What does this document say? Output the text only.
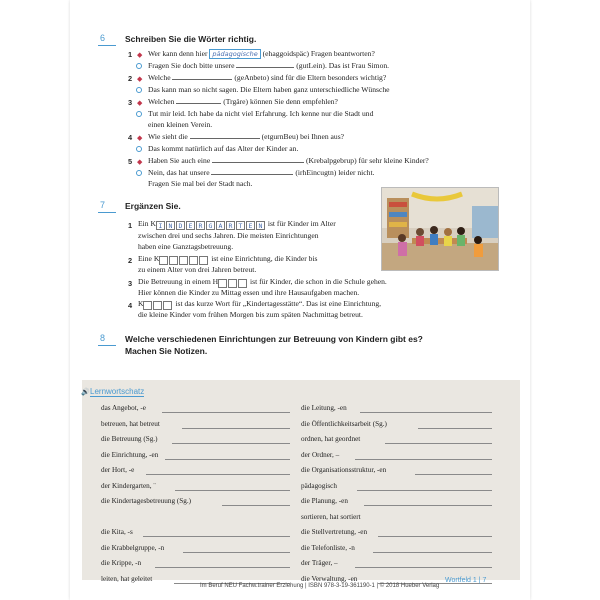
6 Schreiben Sie die Wörter richtig.
1 ◆ Wer kann denn hier pädagogische (ehaggoidspäc) Fragen beantworten?
Fragen Sie doch bitte unsere	(gutLein). Das ist Frau Simon.
2 ◆ Welche	(geAnbeto) sind für die Eltern besonders wichtig?
Das kann man so nicht sagen. Die Eltern haben ganz unterschiedliche Wünsche
3 ◆ Welchen	(Trgäre) können Sie denn empfehlen?
Tut mir leid. Ich habe da nicht viel Erfahrung. Ich kenne nur die Stadt und
einen kleinen Verein.
4 ◆ Wie sieht die	(etgurnBeu) bei Ihnen aus?
Das kommt natürlich auf das Alter der Kinder an.
5 ◆ Haben Sie auch eine	(Krebalpgebrup) für sehr kleine Kinder?
Nein, das hat unsere	(irhEincugtn) leider nicht.
Fragen Sie mal bei der Stadt nach.
7 Ergänzen Sie.
1 Ein K I N D E R G A R T E N ist für Kinder im Alter
zwischen drei und sechs Jahren. Die meisten Einrichtungen
haben eine Ganztagsbetreuung.
2 Eine K	ist eine Einrichtung, die Kinder bis
zu einem Alter von drei Jahren betreut.
3 Die Betreuung in einem H	ist für Kinder, die schon in die Schule gehen.
Hier können die Kinder zu Mittag essen und ihre Hausaufgaben machen.
4 K	ist das kurze Wort für „Kindertagesstätte“. Das ist eine Einrichtung,
die kleine Kinder vom frühen Morgen bis zum späten Nachmittag betreut.
8 Welche verschiedenen Einrichtungen zur Betreuung von Kindern gibt es?
Machen Sie Notizen.
🔊 Lernwortschatz
das Angebot, -e	die Leitung, -en
betreuen, hat betreut	die Öffentlichkeitsarbeit (Sg.)
die Betreuung (Sg.)	ordnen, hat geordnet
die Einrichtung, -en	der Ordner, –
der Hort, -e	die Organisationsstruktur, -en
der Kindergarten, ¨	pädagogisch
die Kindertagesbetreuung (Sg.)	die Planung, -en
sortieren, hat sortiert
die Kita, -s	die Stellvertretung, -en
die Krabbelgruppe, -n	die Telefonliste, -n
die Krippe, -n	der Träger, –
leiten, hat geleitet	die Verwaltung, -en
Im Beruf NEU Fachw.trainer Erziehung | ISBN 978-3-19-361190-1 | © 2018 Hueber Verlag
Wortfeld 1 | 7
